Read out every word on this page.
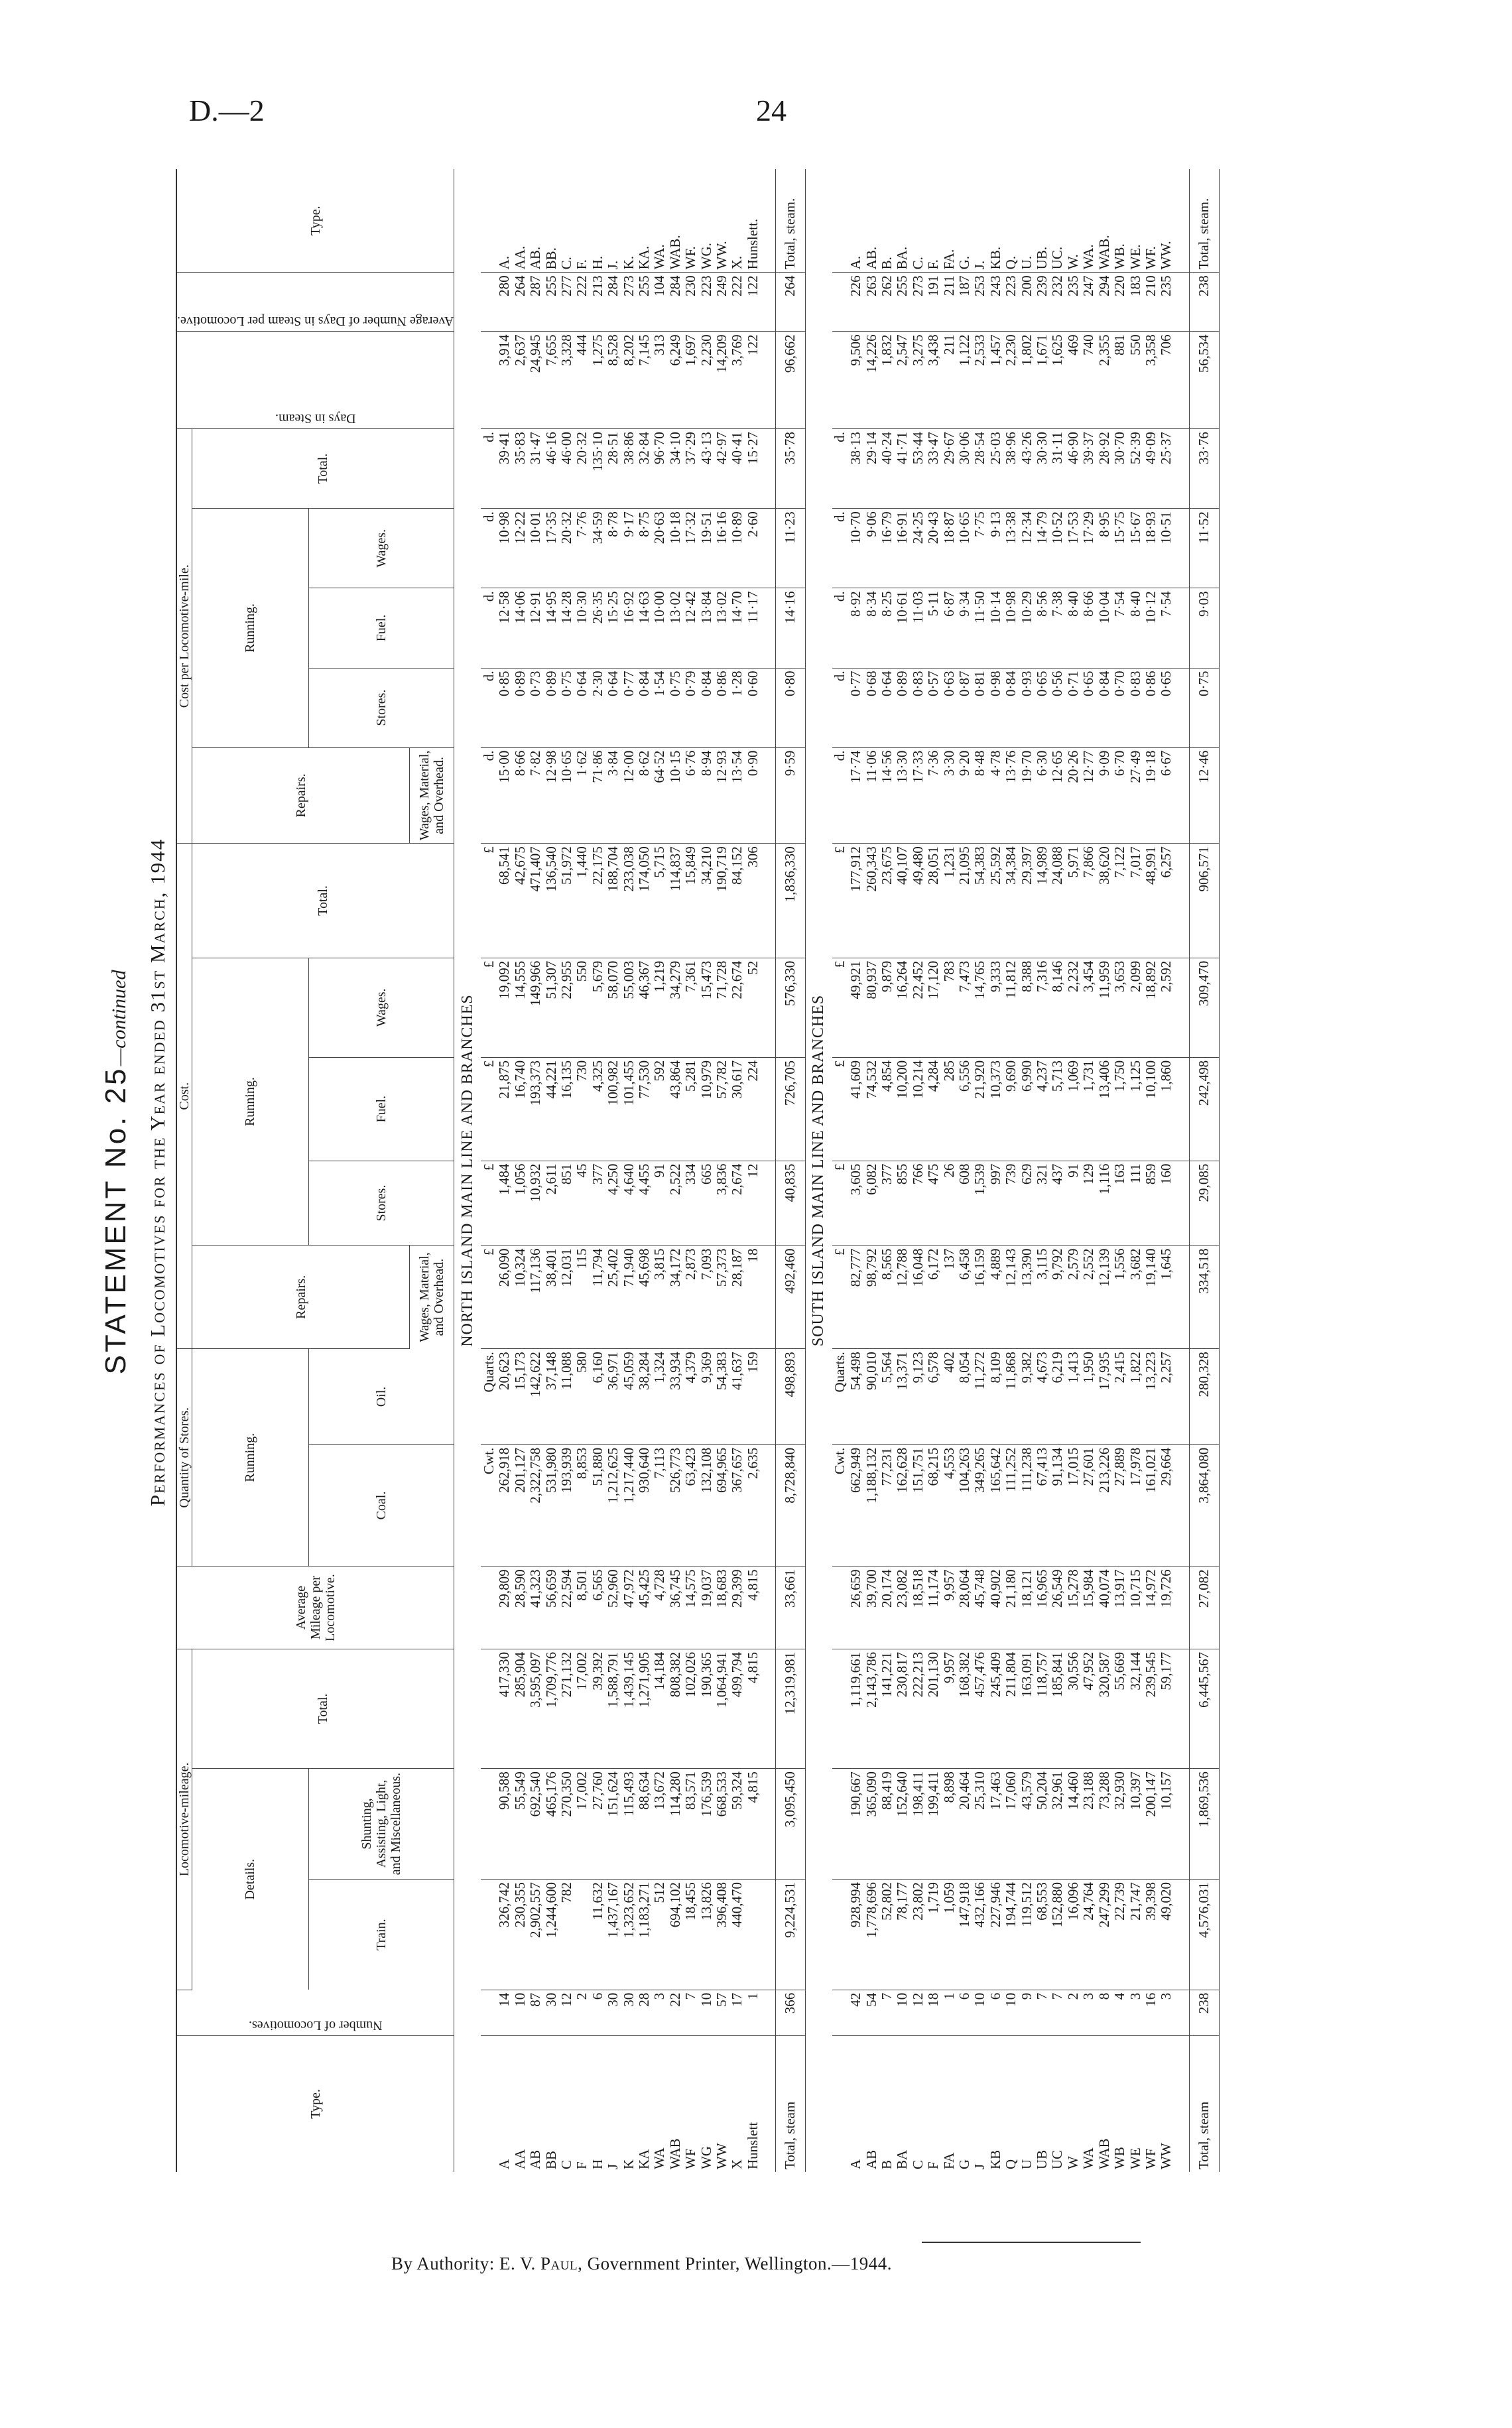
D.—2	24
STATEMENT No. 25—continued Performances of Locomotives for the Year ended 31st March, 1944
Type.	Number of Locomotives.	Locomotive-mileage.			Average Mileage per Locomotive.	Quantity of Stores.		Cost.					Cost per Locomotive-mile.					Days in Steam.	Average Number of Days in Steam per Locomotive.	Type.
		Details.		Total.		Running.		Repairs.	Running.			Total.	Repairs.	Running.			Total.			
		Train.	Shunting, Assisting, Light, and Miscellaneous.			Coal.	Oil.		Stores.	Fuel.	Wages.			Stores.	Fuel.	Wages.				
								Wages, Material, and Overhead.					Wages, Material, and Overhead.							
NORTH ISLAND MAIN LINE AND BRANCHES																				
						Cwt.	Quarts.	£	£	£	£	£	d.	d.	d.	d.	d.			
A	14	326,742	90,588	417,330	29,809	262,918	20,623	26,090	1,484	21,875	19,092	68,541	15·00	0·85	12·58	10·98	39·41	3,914	280	A.
AA	10	230,355	55,549	285,904	28,590	201,127	15,173	10,324	1,056	16,740	14,555	42,675	8·66	0·89	14·06	12·22	35·83	2,637	264	AA.
AB	87	2,902,557	692,540	3,595,097	41,323	2,322,758	142,622	117,136	10,932	193,373	149,966	471,407	7·82	0·73	12·91	10·01	31·47	24,945	287	AB.
BB	30	1,244,600	465,176	1,709,776	56,659	531,980	37,148	38,401	2,611	44,221	51,307	136,540	12·98	0·89	14·95	17·35	46·16	7,655	255	BB.
C	12	782	270,350	271,132	22,594	193,939	11,088	12,031	851	16,135	22,955	51,972	10·65	0·75	14·28	20·32	46·00	3,328	277	C.
F	2		17,002	17,002	8,501	8,853	580	115	45	730	550	1,440	1·62	0·64	10·30	7·76	20·32	444	222	F.
H	6	11,632	27,760	39,392	6,565	51,880	6,160	11,794	377	4,325	5,679	22,175	71·86	2·30	26·35	34·59	135·10	1,275	213	H.
J	30	1,437,167	151,624	1,588,791	52,960	1,212,625	36,971	25,402	4,250	100,982	58,070	188,704	3·84	0·64	15·25	8·78	28·51	8,528	284	J.
K	30	1,323,652	115,493	1,439,145	47,972	1,217,440	45,059	71,940	4,640	101,455	55,003	233,038	12·00	0·77	16·92	9·17	38·86	8,202	273	K.
KA	28	1,183,271	88,634	1,271,905	45,425	930,640	38,284	45,698	4,455	77,530	46,367	174,050	8·62	0·84	14·63	8·75	32·84	7,145	255	KA.
WA	3	512	13,672	14,184	4,728	7,113	1,324	3,815	91	592	1,219	5,715	64·52	1·54	10·00	20·63	96·70	313	104	WA.
WAB	22	694,102	114,280	808,382	36,745	526,773	33,934	34,172	2,522	43,864	34,279	114,837	10·15	0·75	13·02	10·18	34·10	6,249	284	WAB.
WF	7	18,455	83,571	102,026	14,575	63,423	4,379	2,873	334	5,281	7,361	15,849	6·76	0·79	12·42	17·32	37·29	1,697	230	WF.
WG	10	13,826	176,539	190,365	19,037	132,108	9,369	7,093	665	10,979	15,473	34,210	8·94	0·84	13·84	19·51	43·13	2,230	223	WG.
WW	57	396,408	668,533	1,064,941	18,683	694,965	54,383	57,373	3,836	57,782	71,728	190,719	12·93	0·86	13·02	16·16	42·97	14,209	249	WW.
X	17	440,470	59,324	499,794	29,399	367,657	41,637	28,187	2,674	30,617	22,674	84,152	13·54	1·28	14·70	10·89	40·41	3,769	222	X.
Hunslett	1		4,815	4,815	4,815	2,635	159	18	12	224	52	306	0·90	0·60	11·17	2·60	15·27	122	122	Hunslett.

Total, steam	366	9,224,531	3,095,450	12,319,981	33,661	8,728,840	498,893	492,460	40,835	726,705	576,330	1,836,330	9·59	0·80	14·16	11·23	35·78	96,662	264	Total, steam.
SOUTH ISLAND MAIN LINE AND BRANCHES																				
						Cwt.	Quarts.	£	£	£	£	£	d.	d.	d.	d.	d.			
A	42	928,994	190,667	1,119,661	26,659	662,949	54,498	82,777	3,605	41,609	49,921	177,912	17·74	0·77	8·92	10·70	38·13	9,506	226	A.
AB	54	1,778,696	365,090	2,143,786	39,700	1,188,132	90,010	98,792	6,082	74,532	80,937	260,343	11·06	0·68	8·34	9·06	29·14	14,226	263	AB.
B	7	52,802	88,419	141,221	20,174	77,231	5,564	8,565	377	4,854	9,879	23,675	14·56	0·64	8·25	16·79	40·24	1,832	262	B.
BA	10	78,177	152,640	230,817	23,082	162,628	13,371	12,788	855	10,200	16,264	40,107	13·30	0·89	10·61	16·91	41·71	2,547	255	BA.
C	12	23,802	198,411	222,213	18,518	151,751	9,123	16,048	766	10,214	22,452	49,480	17·33	0·83	11·03	24·25	53·44	3,275	273	C.
F	18	1,719	199,411	201,130	11,174	68,215	6,578	6,172	475	4,284	17,120	28,051	7·36	0·57	5·11	20·43	33·47	3,438	191	F.
FA	1	1,059	8,898	9,957	9,957	4,553	402	137	26	285	783	1,231	3·30	0·63	6·87	18·87	29·67	211	211	FA.
G	6	147,918	20,464	168,382	28,064	104,263	8,054	6,458	608	6,556	7,473	21,095	9·20	0·87	9·34	10·65	30·06	1,122	187	G.
J	10	432,166	25,310	457,476	45,748	349,265	11,272	16,159	1,539	21,920	14,765	54,383	8·48	0·81	11·50	7·75	28·54	2,533	253	J.
KB	6	227,946	17,463	245,409	40,902	165,642	8,109	4,889	997	10,373	9,333	25,592	4·78	0·98	10·14	9·13	25·03	1,457	243	KB.
Q	10	194,744	17,060	211,804	21,180	111,252	11,868	12,143	739	9,690	11,812	34,384	13·76	0·84	10·98	13·38	38·96	2,230	223	Q.
U	9	119,512	43,579	163,091	18,121	111,238	9,382	13,390	629	6,990	8,388	29,397	19·70	0·93	10·29	12·34	43·26	1,802	200	U.
UB	7	68,553	50,204	118,757	16,965	67,413	4,673	3,115	321	4,237	7,316	14,989	6·30	0·65	8·56	14·79	30·30	1,671	239	UB.
UC	7	152,880	32,961	185,841	26,549	91,134	6,219	9,792	437	5,713	8,146	24,088	12·65	0·56	7·38	10·52	31·11	1,625	232	UC.
W	2	16,096	14,460	30,556	15,278	17,015	1,413	2,579	91	1,069	2,232	5,971	20·26	0·71	8·40	17·53	46·90	469	235	W.
WA	3	24,764	23,188	47,952	15,984	27,601	1,950	2,552	129	1,731	3,454	7,866	12·77	0·65	8·66	17·29	39·37	740	247	WA.
WAB	8	247,299	73,288	320,587	40,074	213,226	17,935	12,139	1,116	13,406	11,959	38,620	9·09	0·84	10·04	8·95	28·92	2,355	294	WAB.
WB	4	22,739	32,930	55,669	13,917	27,889	2,415	1,556	163	1,750	3,653	7,122	6·70	0·70	7·54	15·75	30·70	881	220	WB.
WE	3	21,747	10,397	32,144	10,715	17,978	1,822	3,682	111	1,125	2,099	7,017	27·49	0·83	8·40	15·67	52·39	550	183	WE.
WF	16	39,398	200,147	239,545	14,972	161,021	13,223	19,140	859	10,100	18,892	48,991	19·18	0·86	10·12	18·93	49·09	3,358	210	WF.
WW	3	49,020	10,157	59,177	19,726	29,664	2,257	1,645	160	1,860	2,592	6,257	6·67	0·65	7·54	10·51	25·37	706	235	WW.

Total, steam	238	4,576,031	1,869,536	6,445,567	27,082	3,864,080	280,328	334,518	29,085	242,498	309,470	906,571	12·46	0·75	9·03	11·52	33·76	56,534	238	Total, steam.
By Authority: E. V. Paul, Government Printer, Wellington.—1944.
